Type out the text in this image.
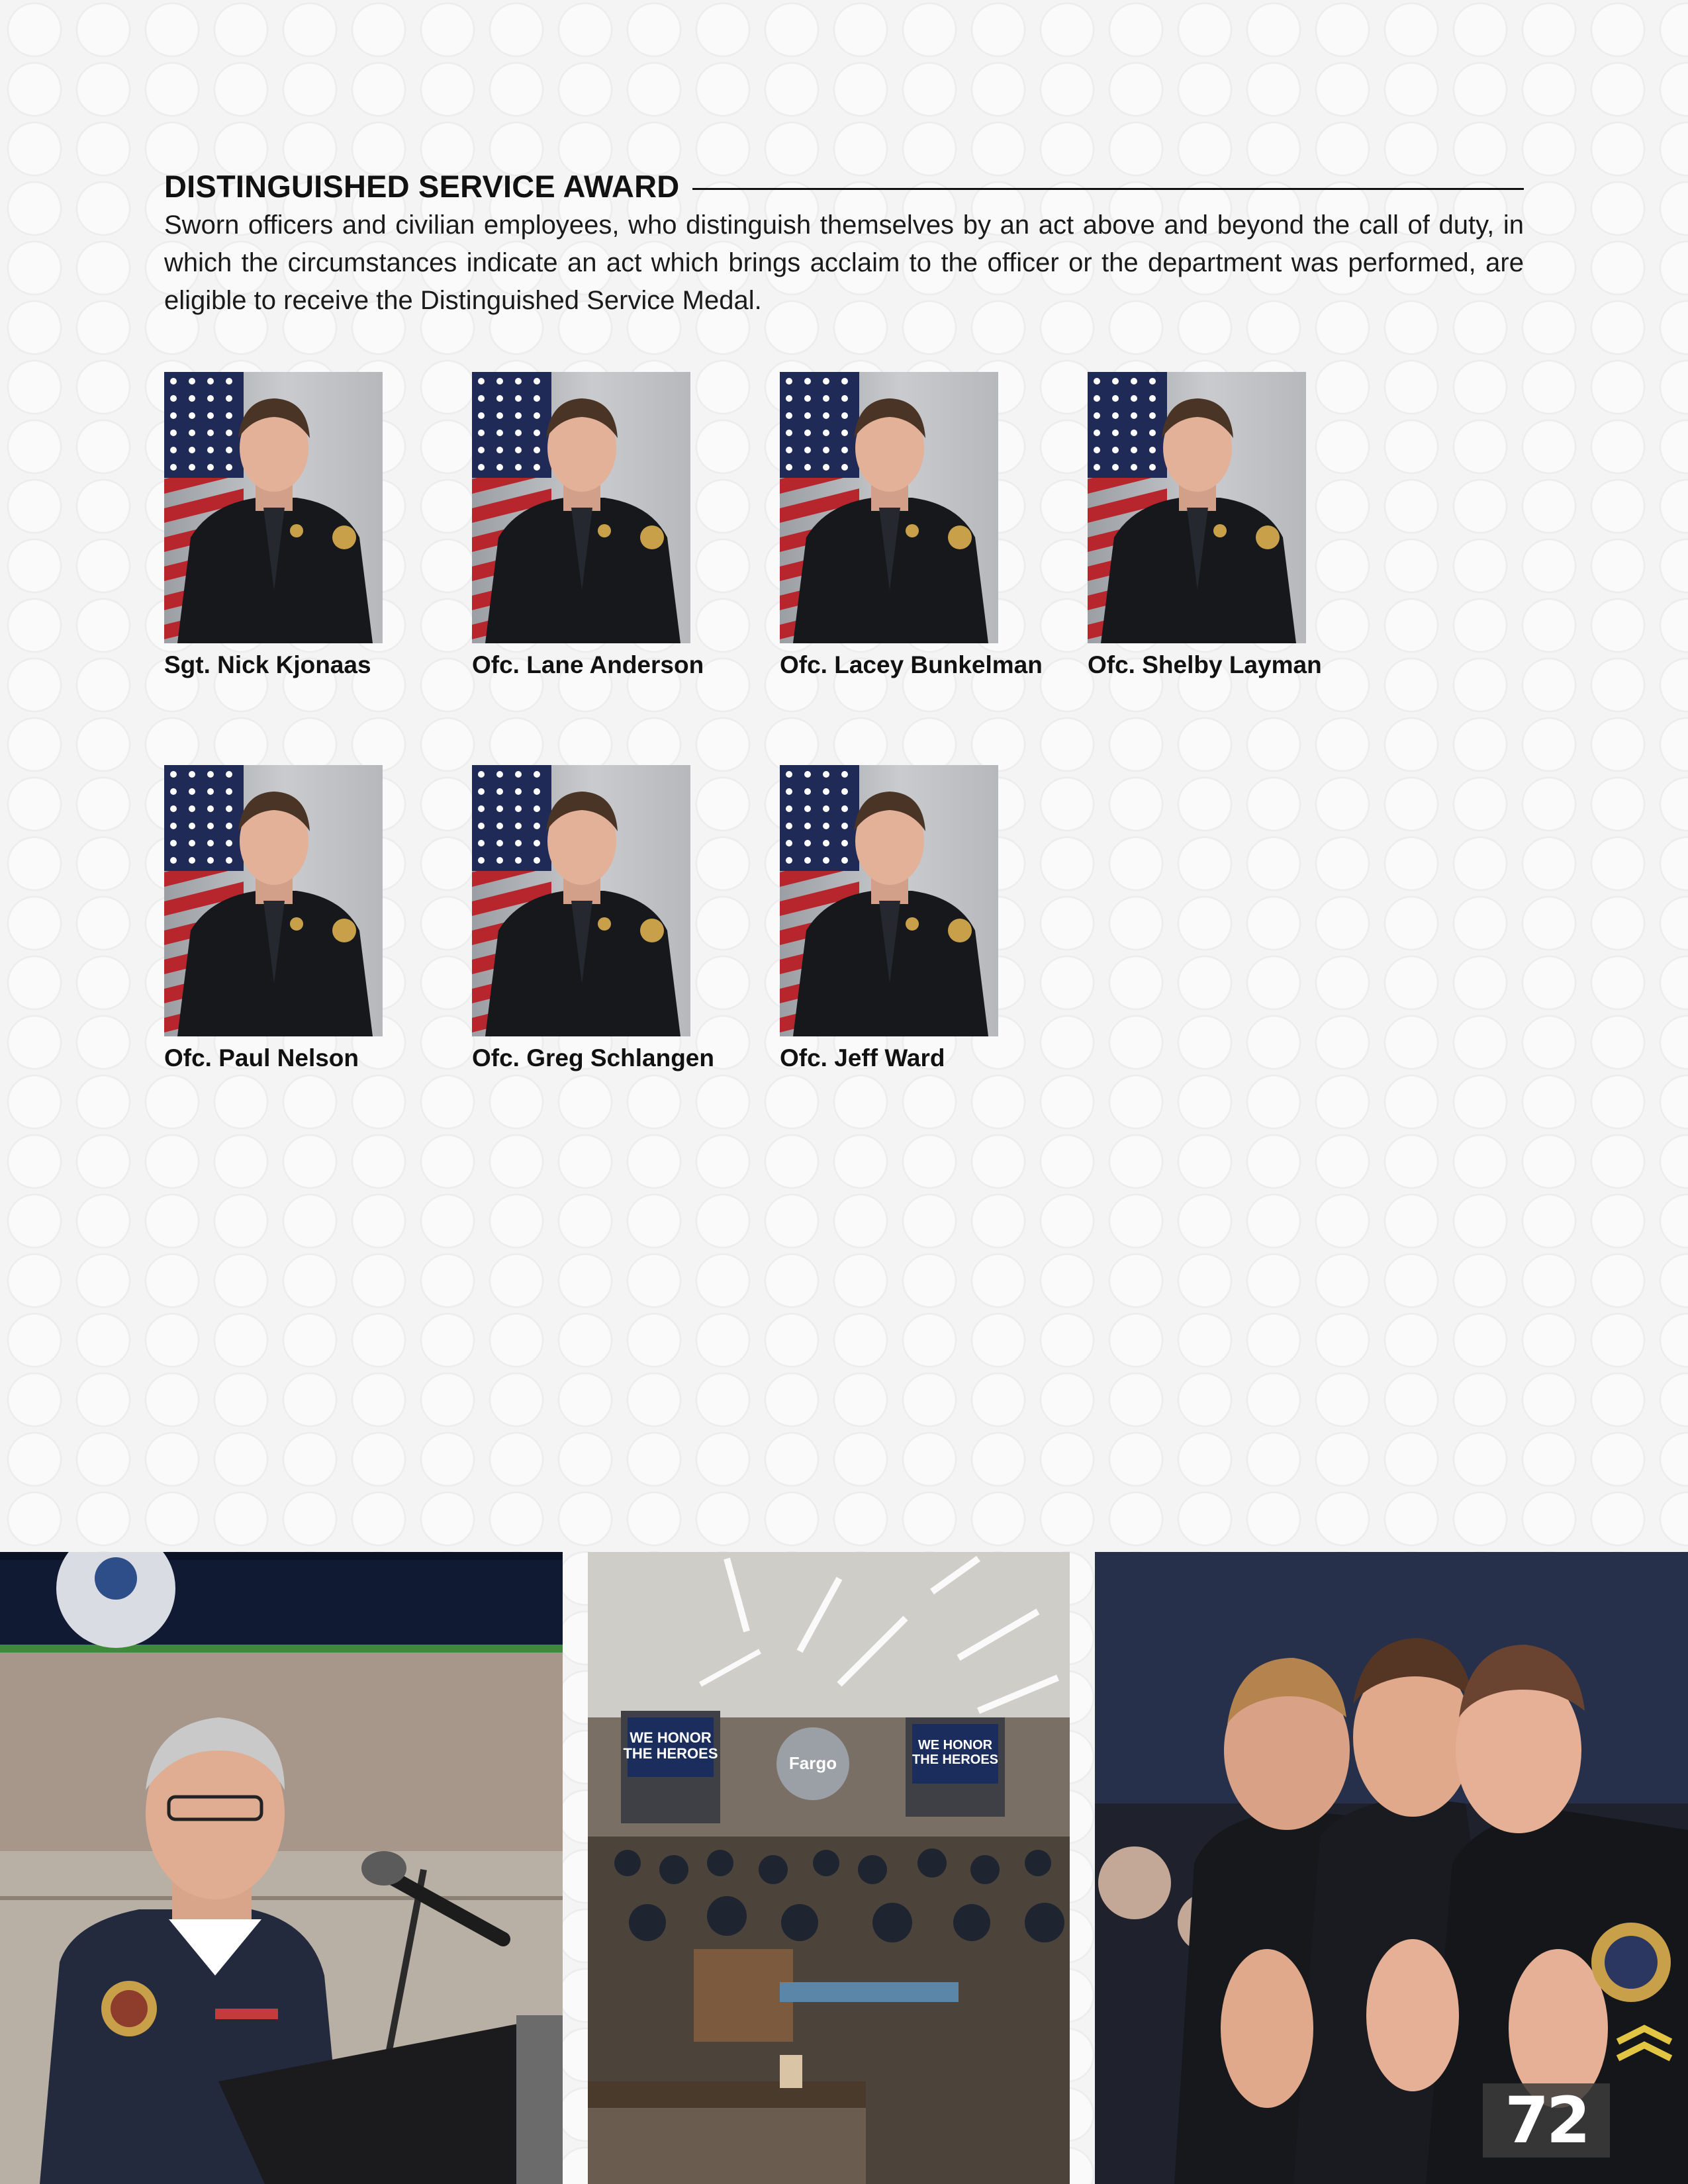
DISTINGUISHED SERVICE AWARD

Sworn officers and civilian employees, who distinguish themselves by an act above and beyond the call of duty, in which the circumstances indicate an act which brings acclaim to the officer or the department was performed, are eligible to receive the Distinguished Service Medal.

Sgt. Nick Kjonaas	Ofc. Lane Anderson	Ofc. Lacey Bunkelman	Ofc. Shelby Layman
Ofc. Paul Nelson	Ofc. Greg Schlangen	Ofc. Jeff Ward
WE HONOR
THE HEROES	WE HONOR
THE HEROES
Fargo
72
